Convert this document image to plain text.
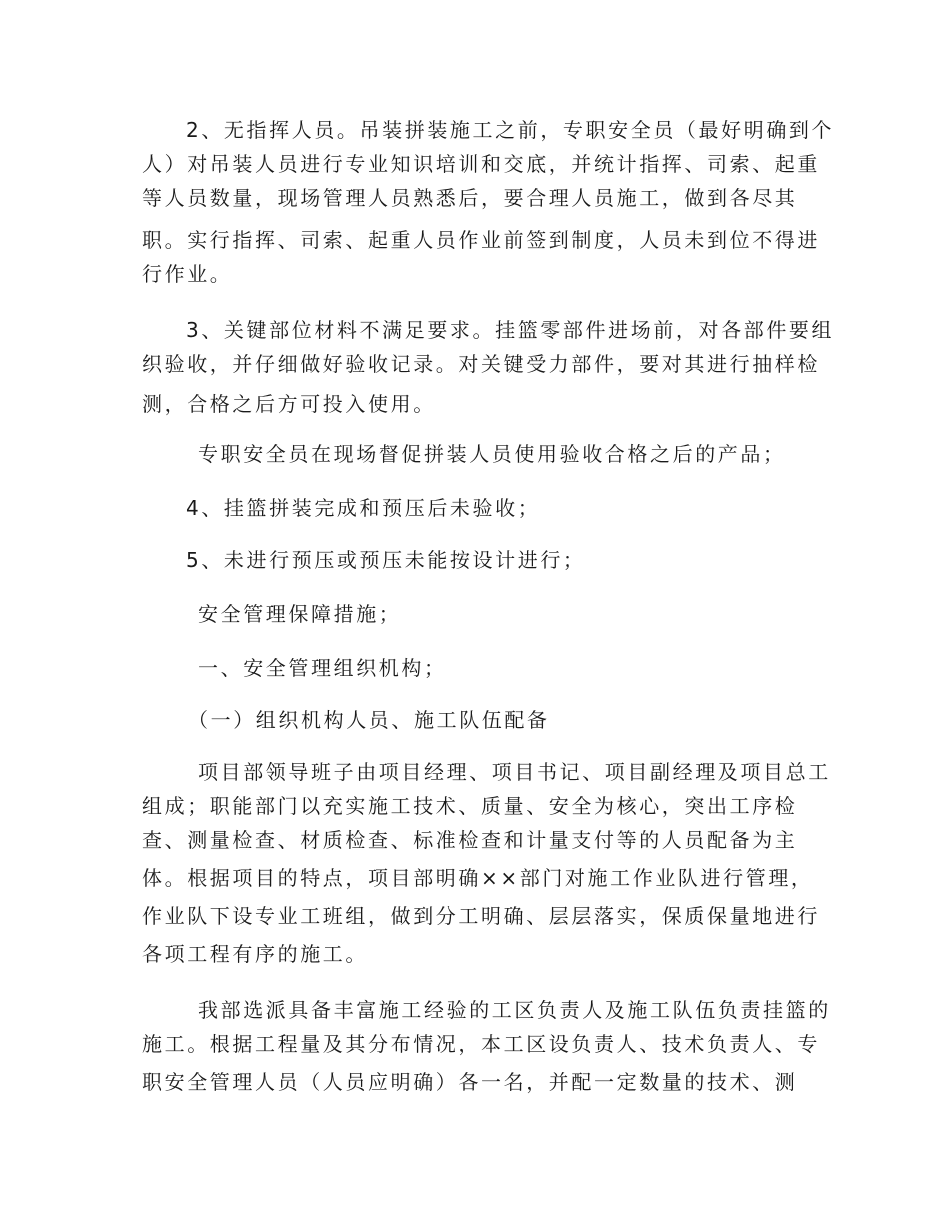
2、无指挥人员。吊装拼装施工之前，专职安全员（最好明确到个
人）对吊装人员进行专业知识培训和交底，并统计指挥、司索、起重
等人员数量，现场管理人员熟悉后，要合理人员施工，做到各尽其
职。实行指挥、司索、起重人员作业前签到制度，人员未到位不得进
行作业。
3、关键部位材料不满足要求。挂篮零部件进场前，对各部件要组
织验收，并仔细做好验收记录。对关键受力部件，要对其进行抽样检
测，合格之后方可投入使用。
专职安全员在现场督促拼装人员使用验收合格之后的产品；
4、挂篮拼装完成和预压后未验收；
5、未进行预压或预压未能按设计进行；
安全管理保障措施；
一、安全管理组织机构；
（一）组织机构人员、施工队伍配备
项目部领导班子由项目经理、项目书记、项目副经理及项目总工
组成；职能部门以充实施工技术、质量、安全为核心，突出工序检
查、测量检查、材质检查、标准检查和计量支付等的人员配备为主
体。根据项目的特点，项目部明确××部门对施工作业队进行管理，
作业队下设专业工班组，做到分工明确、层层落实，保质保量地进行
各项工程有序的施工。
我部选派具备丰富施工经验的工区负责人及施工队伍负责挂篮的
施工。根据工程量及其分布情况，本工区设负责人、技术负责人、专
职安全管理人员（人员应明确）各一名，并配一定数量的技术、测
